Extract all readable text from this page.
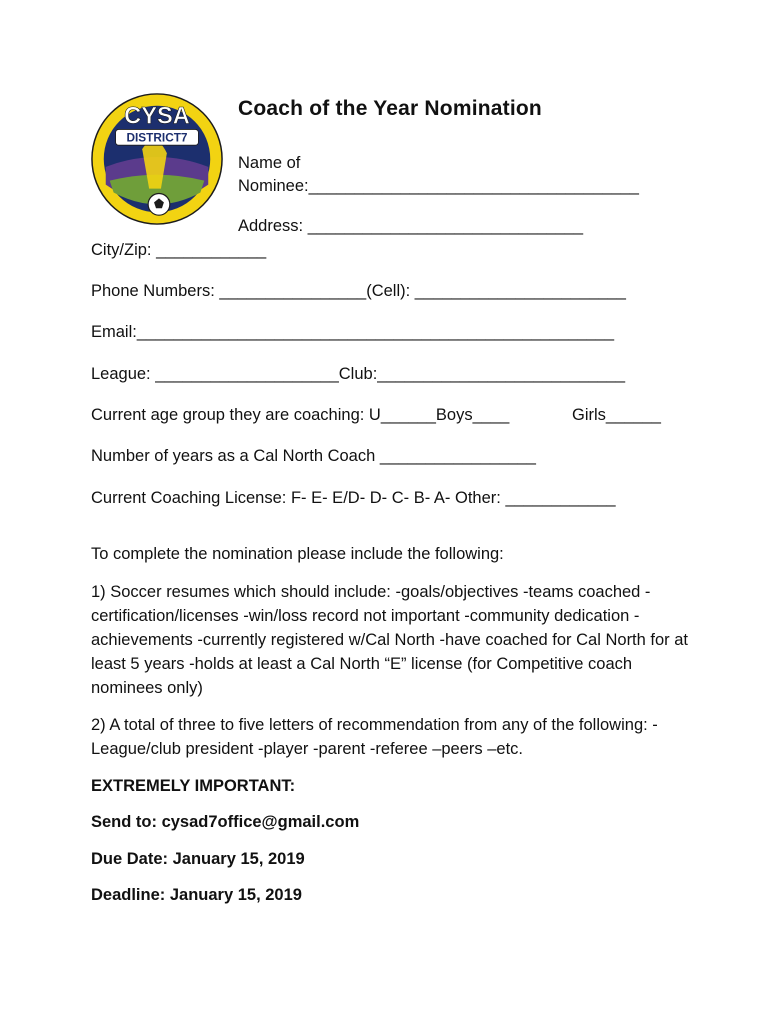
CYSA
DISTRICT7
Coach of the Year Nomination
Name of
Nominee:____________________________________
Address: ______________________________
City/Zip: ____________
Phone Numbers: ________________(Cell): _______________________
Email:____________________________________________________
League: ____________________Club:___________________________
Current age group they are coaching: U______Boys____	Girls______
Number of years as a Cal North Coach _________________
Current Coaching License: F- E- E/D- D- C- B- A- Other: ____________

To complete the nomination please include the following:

1) Soccer resumes which should include: -goals/objectives -teams coached -certification/licenses -win/loss record not important -community dedication -achievements -currently registered w/Cal North -have coached for Cal North for at least 5 years -holds at least a Cal North “E” license (for Competitive coach nominees only)

2) A total of three to five letters of recommendation from any of the following: -League/club president -player -parent -referee –peers –etc.

EXTREMELY IMPORTANT:
Send to: cysad7office@gmail.com
Due Date: January 15, 2019
Deadline: January 15, 2019
